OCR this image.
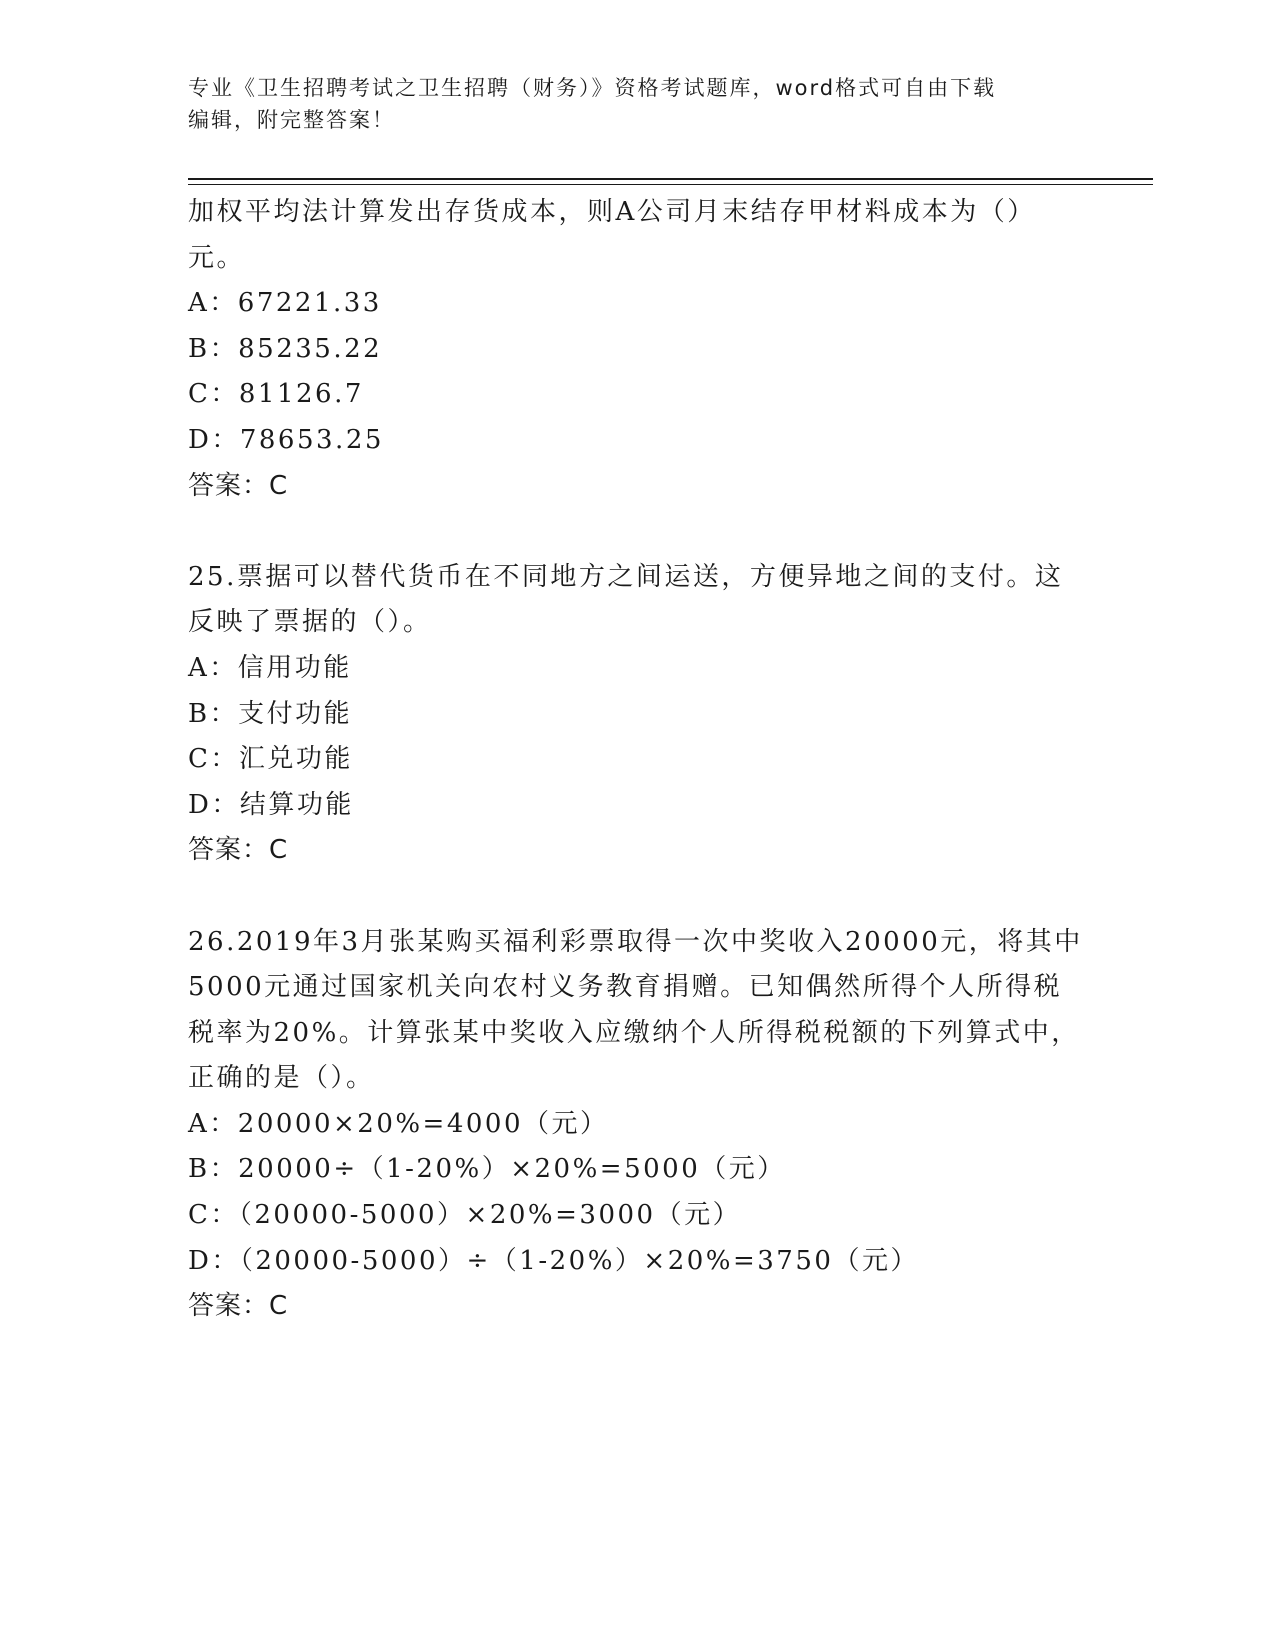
专业《卫生招聘考试之卫生招聘（财务）》资格考试题库，word格式可自由下载
编辑，附完整答案！
加权平均法计算发出存货成本，则A公司月末结存甲材料成本为（）
元。
A：67221.33
B：85235.22
C：81126.7
D：78653.25
答案：C
25.票据可以替代货币在不同地方之间运送，方便异地之间的支付。这
反映了票据的（）。
A：信用功能
B：支付功能
C：汇兑功能
D：结算功能
答案：C
26.2019年3月张某购买福利彩票取得一次中奖收入20000元，将其中
5000元通过国家机关向农村义务教育捐赠。已知偶然所得个人所得税
税率为20%。计算张某中奖收入应缴纳个人所得税税额的下列算式中，
正确的是（）。
A：20000×20%=4000（元）
B：20000÷（1-20%）×20%=5000（元）
C：（20000-5000）×20%=3000（元）
D：（20000-5000）÷（1-20%）×20%=3750（元）
答案：C
